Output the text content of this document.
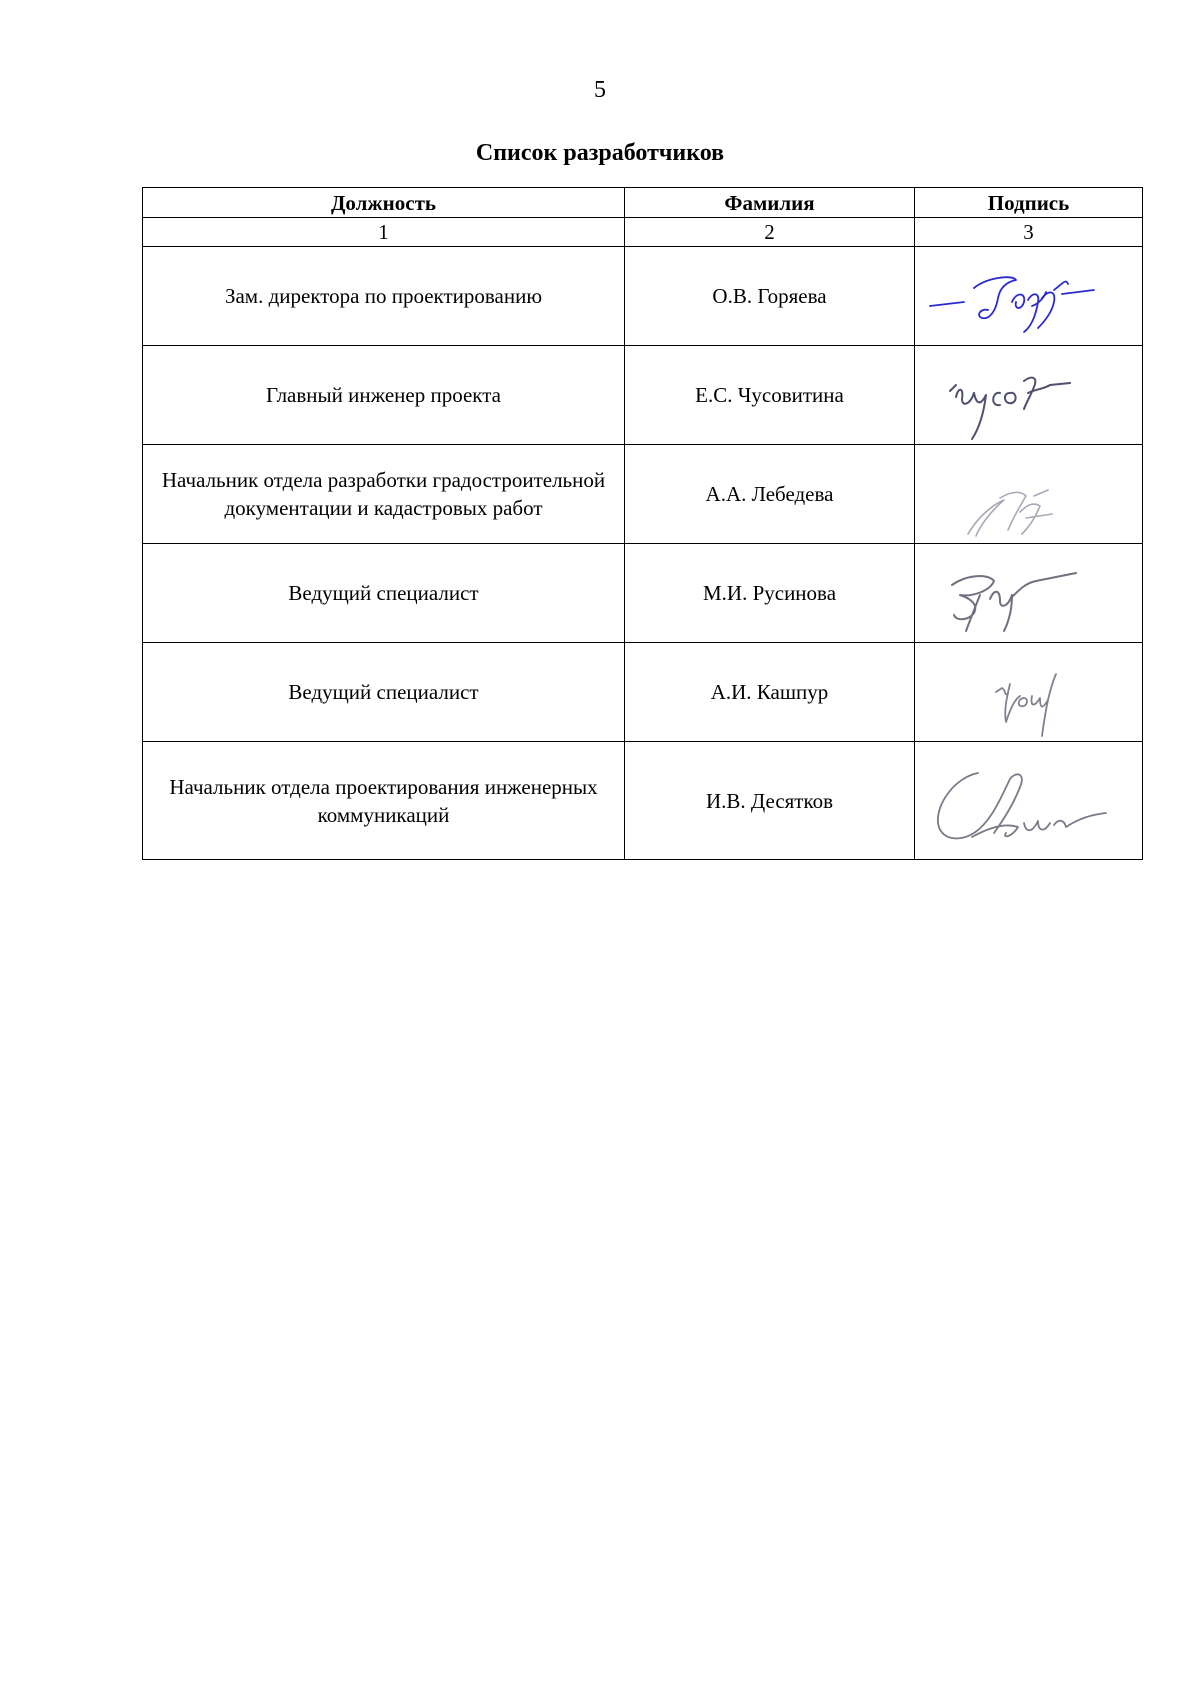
5
Список разработчиков
Должность	Фамилия	Подпись
1	2	3
Зам. директора по проектированию	О.В. Горяева	

Главный инженер проекта	Е.С. Чусовитина	

Начальник отдела разработки градостроительной документации и кадастровых работ	А.А. Лебедева	

Ведущий специалист	М.И. Русинова	

Ведущий специалист	А.И. Кашпур	

Начальник отдела проектирования инженерных коммуникаций	И.В. Десятков	
